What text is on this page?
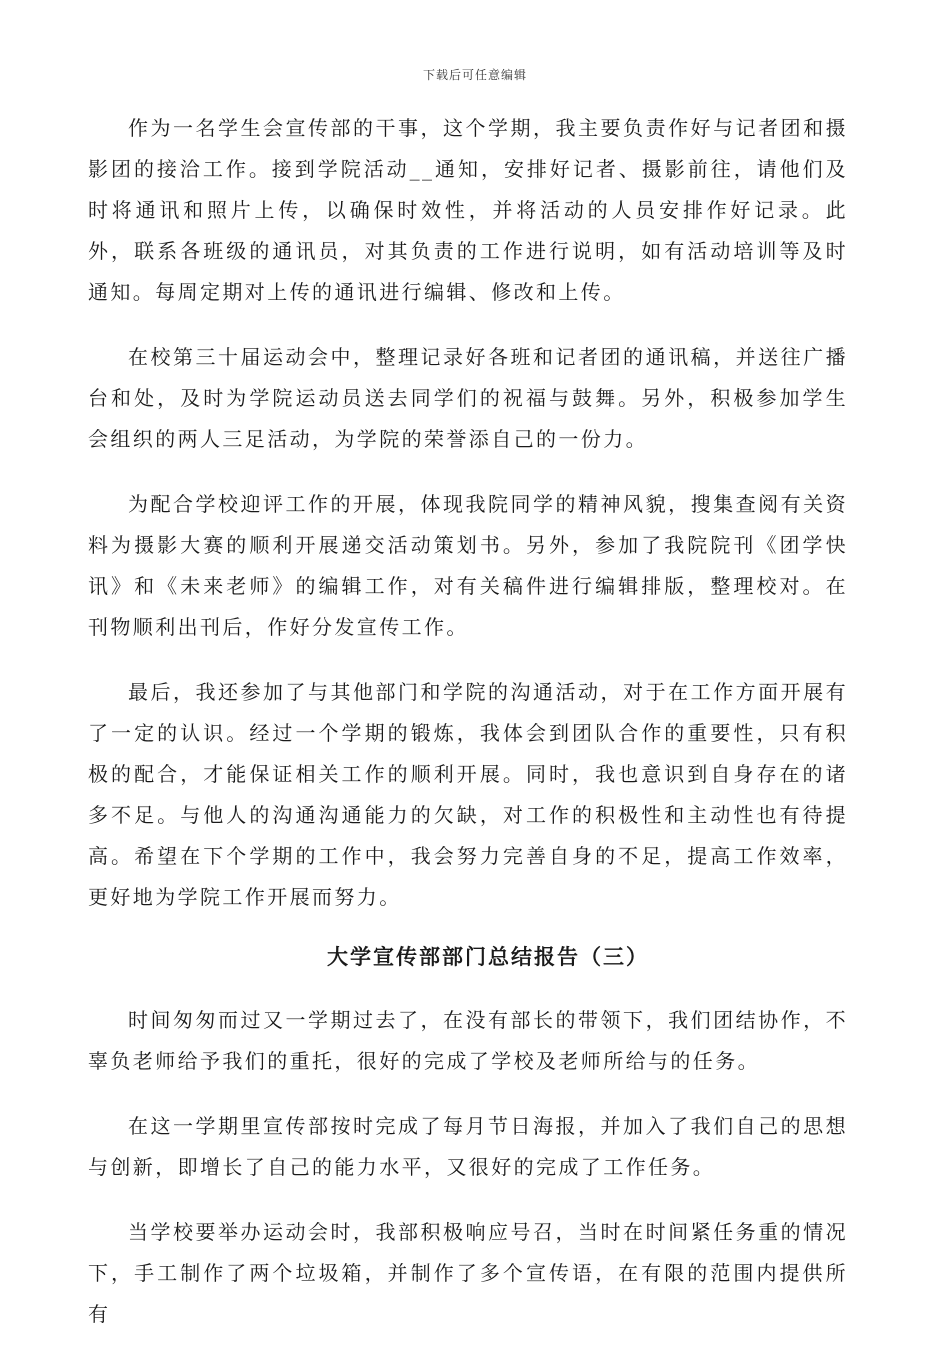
下载后可任意编辑

作为一名学生会宣传部的干事，这个学期，我主要负责作好与记者团和摄影团的接洽工作。接到学院活动__通知，安排好记者、摄影前往，请他们及时将通讯和照片上传，以确保时效性，并将活动的人员安排作好记录。此外，联系各班级的通讯员，对其负责的工作进行说明，如有活动培训等及时通知。每周定期对上传的通讯进行编辑、修改和上传。

在校第三十届运动会中，整理记录好各班和记者团的通讯稿，并送往广播台和处，及时为学院运动员送去同学们的祝福与鼓舞。另外，积极参加学生会组织的两人三足活动，为学院的荣誉添自己的一份力。

为配合学校迎评工作的开展，体现我院同学的精神风貌，搜集查阅有关资料为摄影大赛的顺利开展递交活动策划书。另外，参加了我院院刊《团学快讯》和《未来老师》的编辑工作，对有关稿件进行编辑排版，整理校对。在刊物顺利出刊后，作好分发宣传工作。

最后，我还参加了与其他部门和学院的沟通活动，对于在工作方面开展有了一定的认识。经过一个学期的锻炼，我体会到团队合作的重要性，只有积极的配合，才能保证相关工作的顺利开展。同时，我也意识到自身存在的诸多不足。与他人的沟通沟通能力的欠缺，对工作的积极性和主动性也有待提高。希望在下个学期的工作中，我会努力完善自身的不足，提高工作效率，更好地为学院工作开展而努力。

大学宣传部部门总结报告（三）

时间匆匆而过又一学期过去了，在没有部长的带领下，我们团结协作，不辜负老师给予我们的重托，很好的完成了学校及老师所给与的任务。

在这一学期里宣传部按时完成了每月节日海报，并加入了我们自己的思想与创新，即增长了自己的能力水平，又很好的完成了工作任务。

当学校要举办运动会时，我部积极响应号召，当时在时间紧任务重的情况下，手工制作了两个垃圾箱，并制作了多个宣传语，在有限的范围内提供所有
